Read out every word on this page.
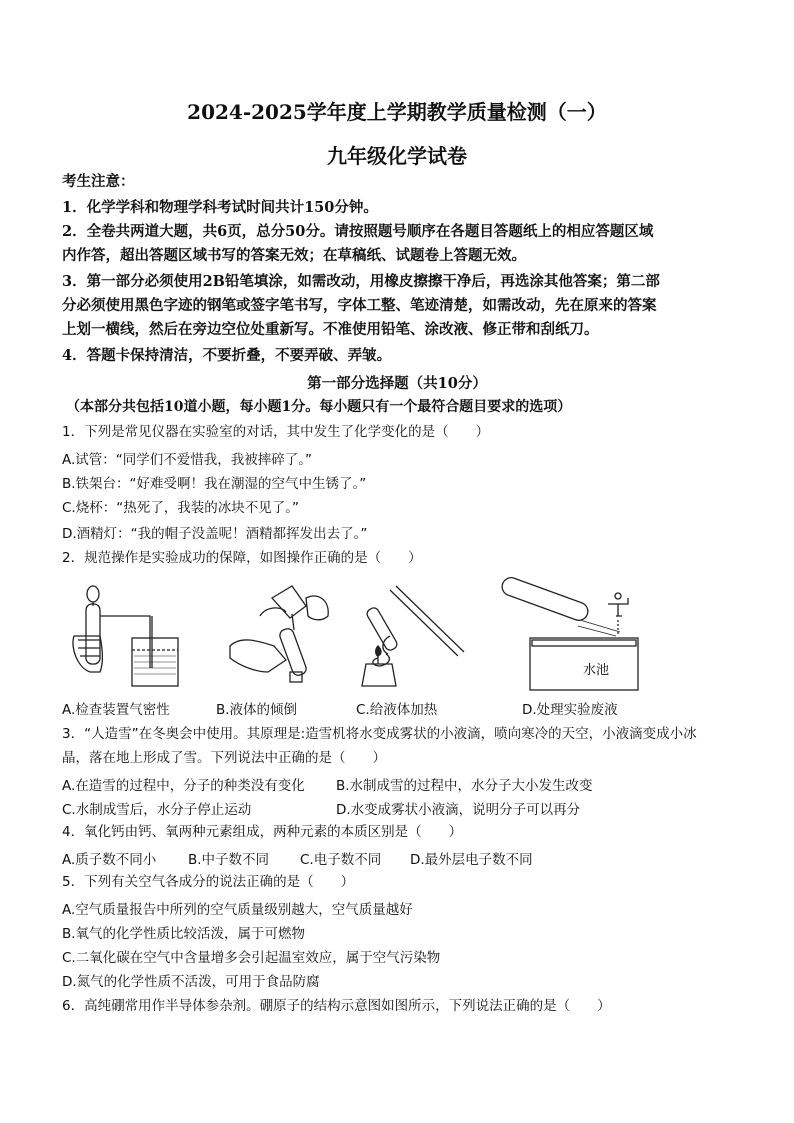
2024-2025学年度上学期教学质量检测（一）
九年级化学试卷
考生注意：
1．化学学科和物理学科考试时间共计150分钟。
2．全卷共两道大题，共6页，总分50分。请按照题号顺序在各题目答题纸上的相应答题区域
内作答，超出答题区域书写的答案无效；在草稿纸、试题卷上答题无效。
3．第一部分必须使用2B铅笔填涂，如需改动，用橡皮擦擦干净后，再选涂其他答案；第二部
分必须使用黑色字迹的钢笔或签字笔书写，字体工整、笔迹清楚，如需改动，先在原来的答案
上划一横线，然后在旁边空位处重新写。不准使用铅笔、涂改液、修正带和刮纸刀。
4．答题卡保持清洁，不要折叠，不要弄破、弄皱。
第一部分选择题（共10分）
（本部分共包括10道小题，每小题1分。每小题只有一个最符合题目要求的选项）
1．下列是常见仪器在实验室的对话，其中发生了化学变化的是（　　）
A.试管：“同学们不爱惜我，我被摔碎了。”
B.铁架台：“好难受啊！我在潮湿的空气中生锈了。”
C.烧杯：“热死了，我装的冰块不见了。”
D.酒精灯：“我的帽子没盖呢！酒精都挥发出去了。”
2．规范操作是实验成功的保障，如图操作正确的是（　　）
水池
A.检查装置气密性	B.液体的倾倒	C.给液体加热	D.处理实验废液
3．“人造雪”在冬奥会中使用。其原理是:造雪机将水变成雾状的小液滴，喷向寒冷的天空，小液滴变成小冰
晶，落在地上形成了雪。下列说法中正确的是（　　）
A.在造雪的过程中，分子的种类没有变化 B.水制成雪的过程中，水分子大小发生改变
C.水制成雪后，水分子停止运动	D.水变成雾状小液滴，说明分子可以再分
4．氧化钙由钙、氧两种元素组成，两种元素的本质区别是（　　）
A.质子数不同小 B.中子数不同 C.电子数不同 D.最外层电子数不同
5．下列有关空气各成分的说法正确的是（　　）
A.空气质量报告中所列的空气质量级别越大，空气质量越好
B.氧气的化学性质比较活泼，属于可燃物
C.二氧化碳在空气中含量增多会引起温室效应，属于空气污染物
D.氮气的化学性质不活泼，可用于食品防腐
6．高纯硼常用作半导体参杂剂。硼原子的结构示意图如图所示，下列说法正确的是（　　）
